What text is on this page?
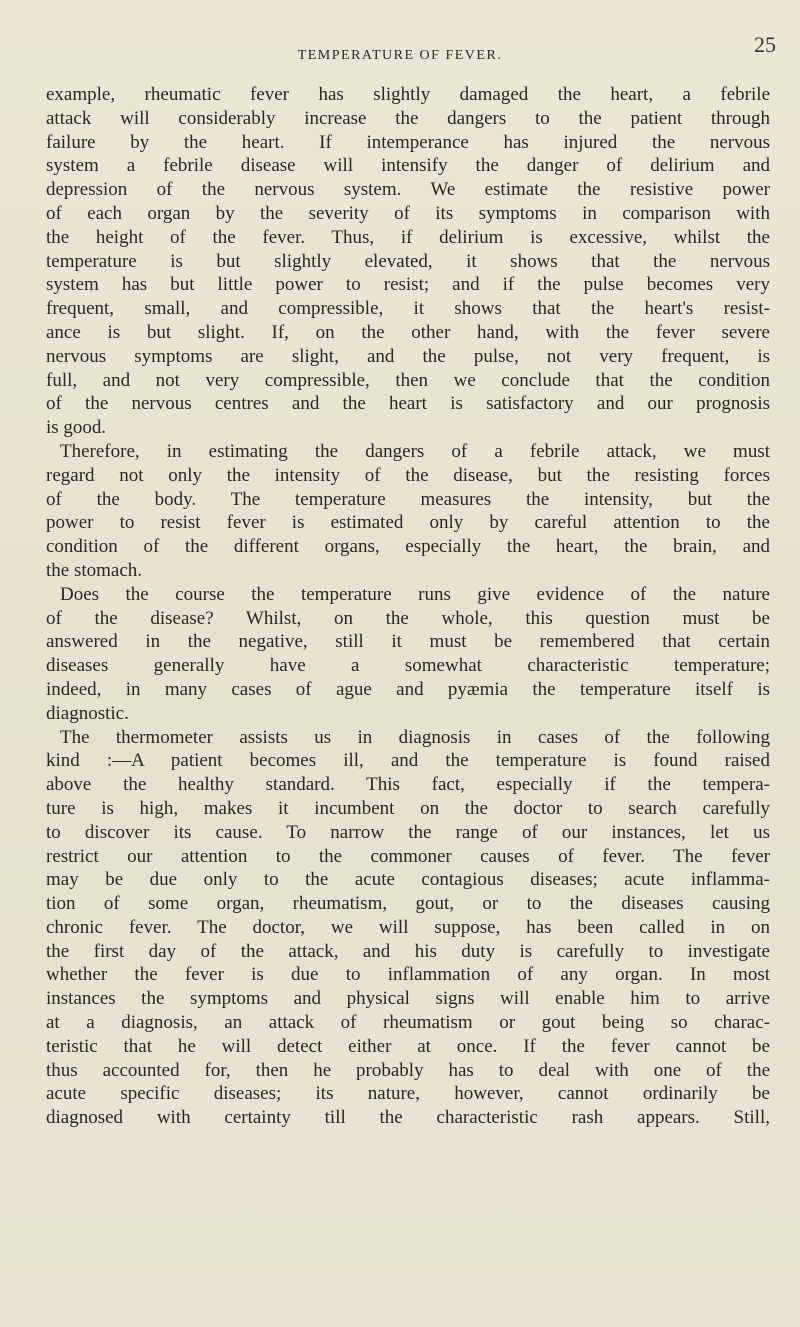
TEMPERATURE OF FEVER.	25
example, rheumatic fever has slightly damaged the heart, a febrile
attack will considerably increase the dangers to the patient through
failure by the heart. If intemperance has injured the nervous
system a febrile disease will intensify the danger of delirium and
depression of the nervous system. We estimate the resistive power
of each organ by the severity of its symptoms in comparison with
the height of the fever. Thus, if delirium is excessive, whilst the
temperature is but slightly elevated, it shows that the nervous
system has but little power to resist; and if the pulse becomes very
frequent, small, and compressible, it shows that the heart's resist-
ance is but slight. If, on the other hand, with the fever severe
nervous symptoms are slight, and the pulse, not very frequent, is
full, and not very compressible, then we conclude that the condition
of the nervous centres and the heart is satisfactory and our prognosis
is good.
Therefore, in estimating the dangers of a febrile attack, we must
regard not only the intensity of the disease, but the resisting forces
of the body. The temperature measures the intensity, but the
power to resist fever is estimated only by careful attention to the
condition of the different organs, especially the heart, the brain, and
the stomach.
Does the course the temperature runs give evidence of the nature
of the disease? Whilst, on the whole, this question must be
answered in the negative, still it must be remembered that certain
diseases generally have a somewhat characteristic temperature;
indeed, in many cases of ague and pyæmia the temperature itself is
diagnostic.
The thermometer assists us in diagnosis in cases of the following
kind :—A patient becomes ill, and the temperature is found raised
above the healthy standard. This fact, especially if the tempera-
ture is high, makes it incumbent on the doctor to search carefully
to discover its cause. To narrow the range of our instances, let us
restrict our attention to the commoner causes of fever. The fever
may be due only to the acute contagious diseases; acute inflamma-
tion of some organ, rheumatism, gout, or to the diseases causing
chronic fever. The doctor, we will suppose, has been called in on
the first day of the attack, and his duty is carefully to investigate
whether the fever is due to inflammation of any organ. In most
instances the symptoms and physical signs will enable him to arrive
at a diagnosis, an attack of rheumatism or gout being so charac-
teristic that he will detect either at once. If the fever cannot be
thus accounted for, then he probably has to deal with one of the
acute specific diseases; its nature, however, cannot ordinarily be
diagnosed with certainty till the characteristic rash appears. Still,
